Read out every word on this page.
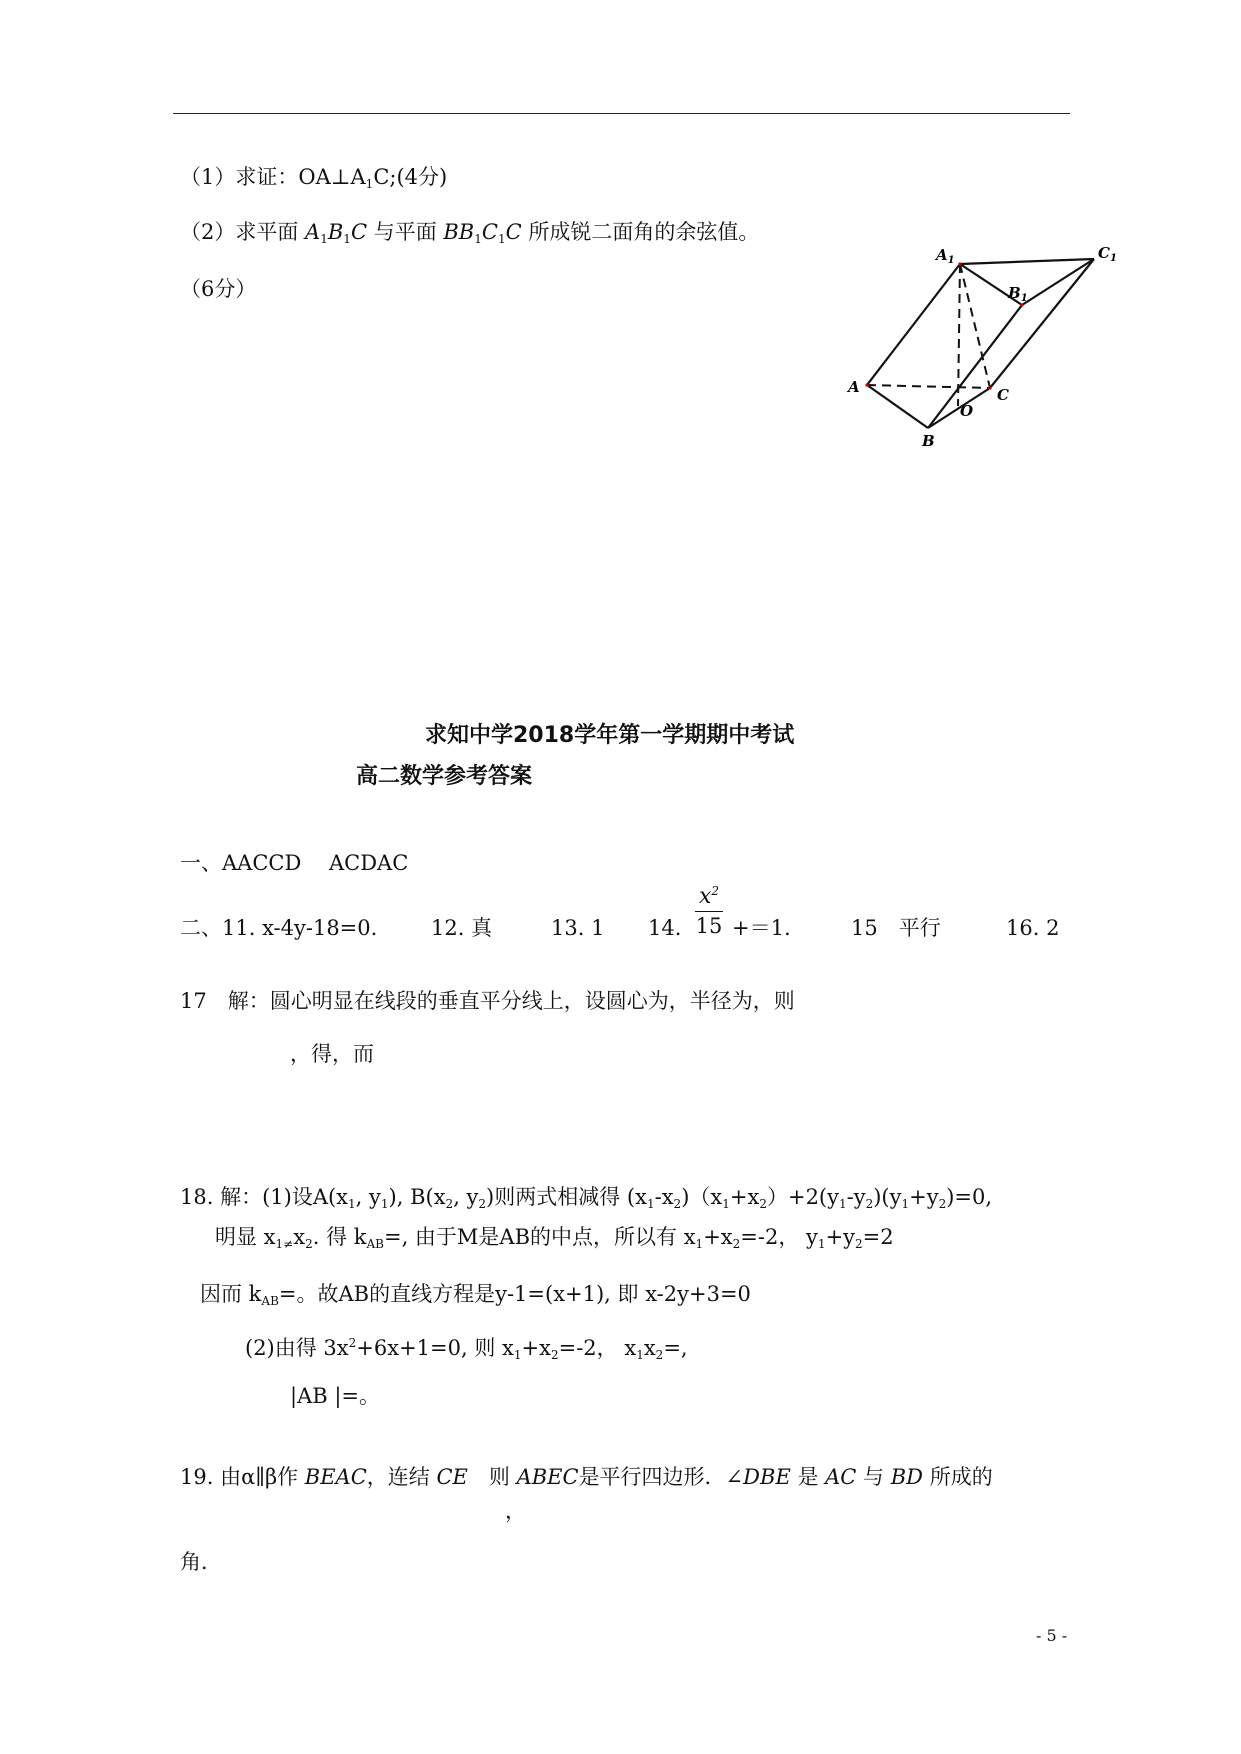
（1）求证：$OA\perp A_1C;(4$分)
（2）求平面 $A_1B_1C$ 与平面 $BB_1C_1C$ 所成锐二面角的余弦值。
（6分）
$A_1$	$C_1$
$B_1$
A	C
O
B
求知中学2018学年第一学期期中考试
高二数学参考答案
一、AACCD　 ACDAC
二、11. x-4y-18=0.	12. 真	13. 1 14.
$x^2$
15 +＝1.	15　平行	16. 2
17　解：圆心明显在线段的垂直平分线上，设圆心为，半径为，则
，得，而
18. 解：(1)设$A(x_1$, $y_1$), $B(x_2$, $y_2$)则两式相减得 $(x_1-x_2)(x_1+x_2)+2(y_1-y_2)(y_1+y_2)=0$,
明显 $x_{1\ne}x_2$. 得 $k_{AB}=$, 由于M是AB的中点，所以有 $x_1+x_2=-2$， $y_1+y_2=2$
因而 $k_{AB}=$。故AB的直线方程是y-1=(x+1), 即 x-2y+3=0
(2)由得 $3x^2+6x+1=0$, 则 $x_1+x_2=-2$， $x_1x_2=$,
|AB |=。
19. 由α∥β作 BEAC，连结 CE　则 ABEC是平行四边形．∠DBE 是 AC 与 BD 所成的
，
角．
- 5 -
